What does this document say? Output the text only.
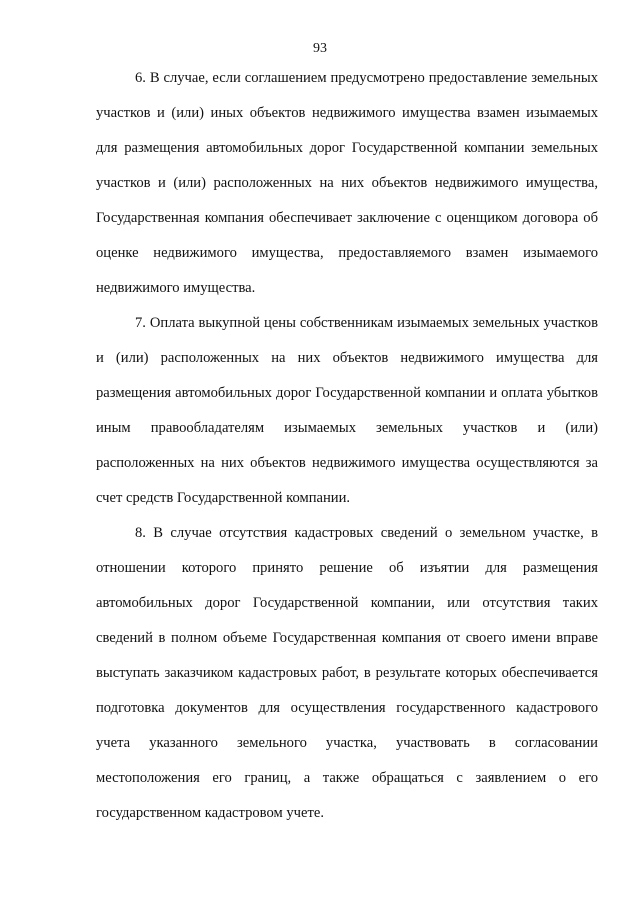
93

6. В случае, если соглашением предусмотрено предоставление земельных участков и (или) иных объектов недвижимого имущества взамен изымаемых для размещения автомобильных дорог Государственной компании земельных участков и (или) расположенных на них объектов недвижимого имущества, Государственная компания обеспечивает заключение с оценщиком договора об оценке недвижимого имущества, предоставляемого взамен изымаемого недвижимого имущества.

7. Оплата выкупной цены собственникам изымаемых земельных участков и (или) расположенных на них объектов недвижимого имущества для размещения автомобильных дорог Государственной компании и оплата убытков иным правообладателям изымаемых земельных участков и (или) расположенных на них объектов недвижимого имущества осуществляются за счет средств Государственной компании.

8. В случае отсутствия кадастровых сведений о земельном участке, в отношении которого принято решение об изъятии для размещения автомобильных дорог Государственной компании, или отсутствия таких сведений в полном объеме Государственная компания от своего имени вправе выступать заказчиком кадастровых работ, в результате которых обеспечивается подготовка документов для осуществления государственного кадастрового учета указанного земельного участка, участвовать в согласовании местоположения его границ, а также обращаться с заявлением о его государственном кадастровом учете.
